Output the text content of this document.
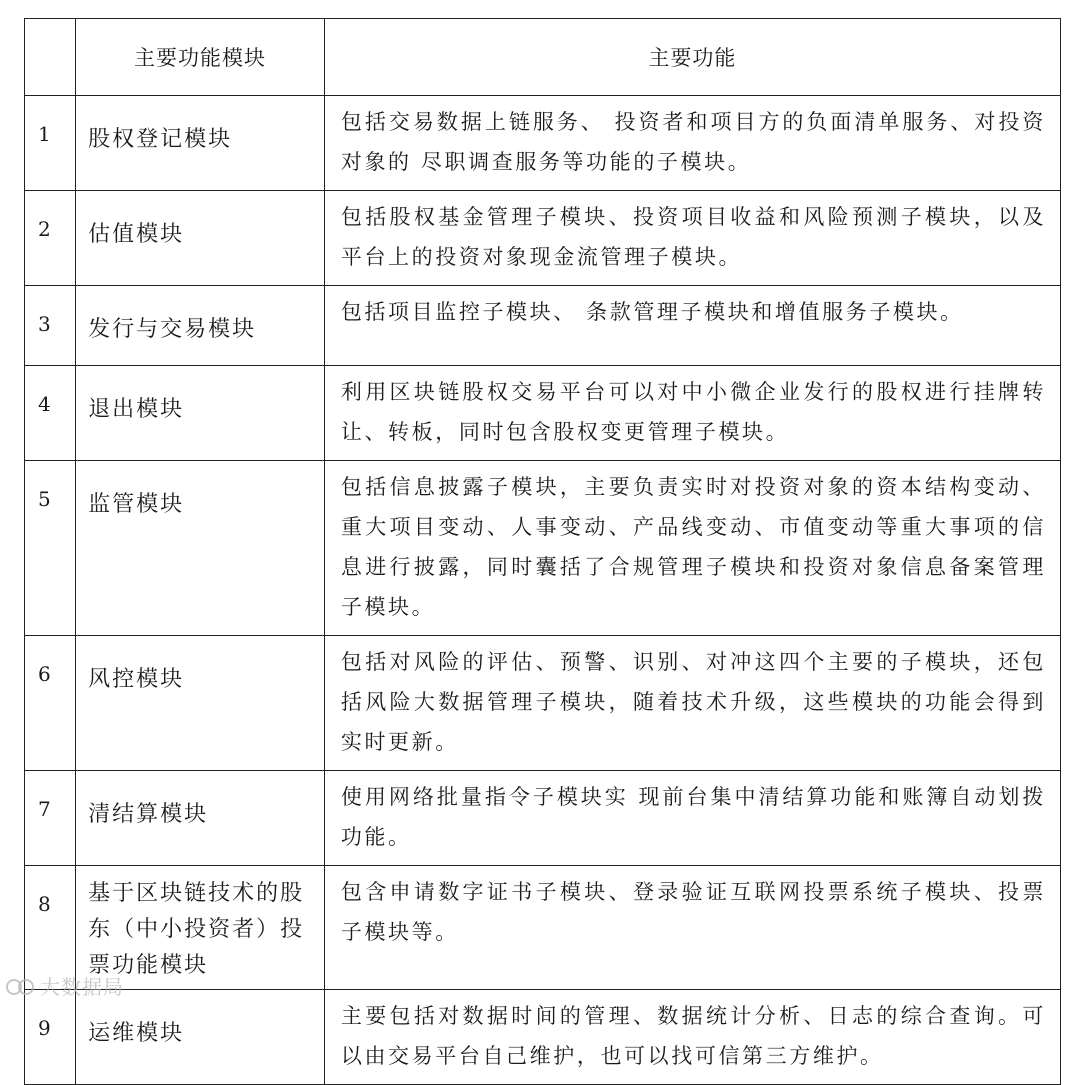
	主要功能模块	主要功能
1	股权登记模块	包括交易数据上链服务、 投资者和项目方的负面清单服务、对投资对象的 尽职调查服务等功能的子模块。
2	估值模块	包括股权基金管理子模块、投资项目收益和风险预测子模块，以及平台上的投资对象现金流管理子模块。
3	发行与交易模块	包括项目监控子模块、 条款管理子模块和增值服务子模块。
4	退出模块	利用区块链股权交易平台可以对中小微企业发行的股权进行挂牌转让、转板，同时包含股权变更管理子模块。
5	监管模块	包括信息披露子模块，主要负责实时对投资对象的资本结构变动、重大项目变动、人事变动、产品线变动、市值变动等重大事项的信息进行披露，同时囊括了合规管理子模块和投资对象信息备案管理子模块。
6	风控模块	包括对风险的评估、预警、识别、对冲这四个主要的子模块，还包括风险大数据管理子模块，随着技术升级，这些模块的功能会得到实时更新。
7	清结算模块	使用网络批量指令子模块实 现前台集中清结算功能和账簿自动划拨功能。
8	基于区块链技术的股东（中小投资者）投票功能模块	包含申请数字证书子模块、登录验证互联网投票系统子模块、投票子模块等。
9	运维模块	主要包括对数据时间的管理、数据统计分析、日志的综合查询。可以由交易平台自己维护，也可以找可信第三方维护。
大数据局
